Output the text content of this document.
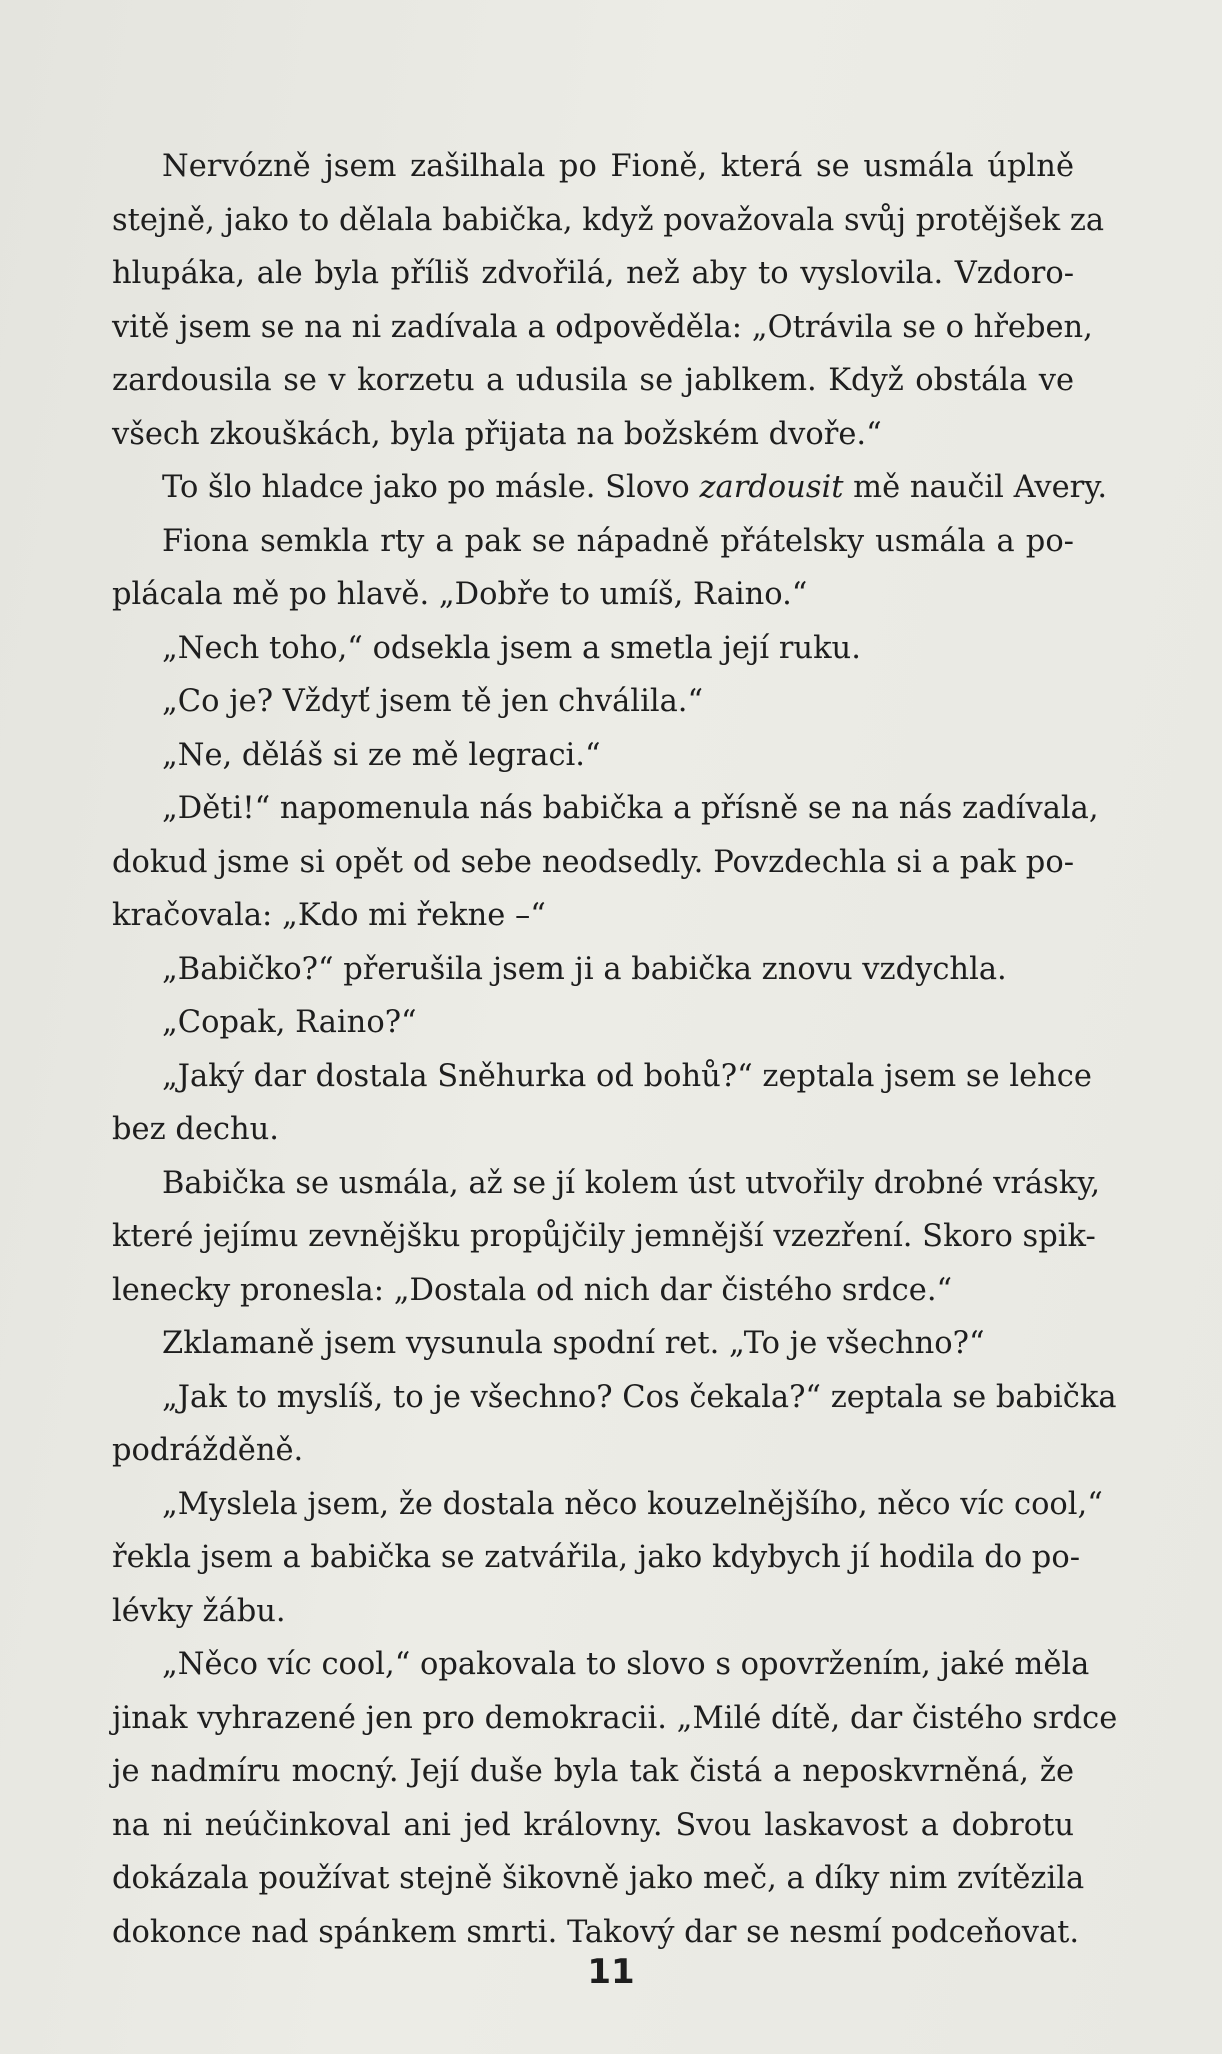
Nervózně jsem zašilhala po Fioně, která se usmála úplně
stejně, jako to dělala babička, když považovala svůj protějšek za
hlupáka, ale byla příliš zdvořilá, než aby to vyslovila. Vzdoro-
vitě jsem se na ni zadívala a odpověděla: „Otrávila se o hřeben,
zardousila se v korzetu a udusila se jablkem. Když obstála ve
všech zkouškách, byla přijata na božském dvoře.“
To šlo hladce jako po másle. Slovo zardousit mě naučil Avery.
Fiona semkla rty a pak se nápadně přátelsky usmála a po-
plácala mě po hlavě. „Dobře to umíš, Raino.“
„Nech toho,“ odsekla jsem a smetla její ruku.
„Co je? Vždyť jsem tě jen chválila.“
„Ne, děláš si ze mě legraci.“
„Děti!“ napomenula nás babička a přísně se na nás zadívala,
dokud jsme si opět od sebe neodsedly. Povzdechla si a pak po-
kračovala: „Kdo mi řekne –“
„Babičko?“ přerušila jsem ji a babička znovu vzdychla.
„Copak, Raino?“
„Jaký dar dostala Sněhurka od bohů?“ zeptala jsem se lehce
bez dechu.
Babička se usmála, až se jí kolem úst utvořily drobné vrásky,
které jejímu zevnějšku propůjčily jemnější vzezření. Skoro spik-
lenecky pronesla: „Dostala od nich dar čistého srdce.“
Zklamaně jsem vysunula spodní ret. „To je všechno?“
„Jak to myslíš, to je všechno? Cos čekala?“ zeptala se babička
podrážděně.
„Myslela jsem, že dostala něco kouzelnějšího, něco víc cool,“
řekla jsem a babička se zatvářila, jako kdybych jí hodila do po-
lévky žábu.
„Něco víc cool,“ opakovala to slovo s opovržením, jaké měla
jinak vyhrazené jen pro demokracii. „Milé dítě, dar čistého srdce
je nadmíru mocný. Její duše byla tak čistá a neposkvrněná, že
na ni neúčinkoval ani jed královny. Svou laskavost a dobrotu
dokázala používat stejně šikovně jako meč, a díky nim zvítězila
dokonce nad spánkem smrti. Takový dar se nesmí podceňovat.
11
